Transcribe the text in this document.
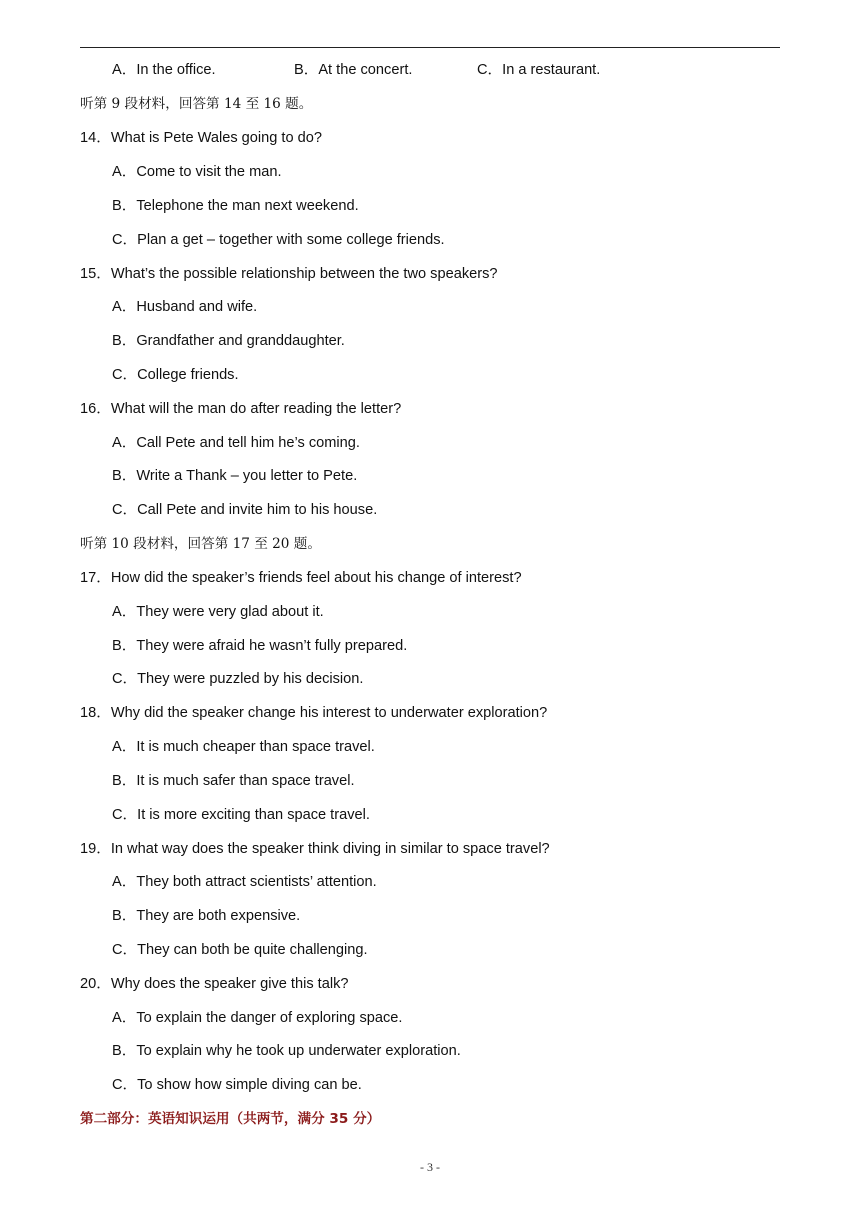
A．In the office.	B．At the concert.	C．In a restaurant.
听第 9 段材料，回答第 14 至 16 题。
14．What is Pete Wales going to do?
A．Come to visit the man.
B．Telephone the man next weekend.
C．Plan a get – together with some college friends.
15．What’s the possible relationship between the two speakers?
A．Husband and wife.
B．Grandfather and granddaughter.
C．College friends.
16．What will the man do after reading the letter?
A．Call Pete and tell him he’s coming.
B．Write a Thank – you letter to Pete.
C．Call Pete and invite him to his house.
听第 10 段材料，回答第 17 至 20 题。
17．How did the speaker’s friends feel about his change of interest?
A．They were very glad about it.
B．They were afraid he wasn’t fully prepared.
C．They were puzzled by his decision.
18．Why did the speaker change his interest to underwater exploration?
A．It is much cheaper than space travel.
B．It is much safer than space travel.
C．It is more exciting than space travel.
19．In what way does the speaker think diving in similar to space travel?
A．They both attract scientists’ attention.
B．They are both expensive.
C．They can both be quite challenging.
20．Why does the speaker give this talk?
A．To explain the danger of exploring space.
B．To explain why he took up underwater exploration.
C．To show how simple diving can be.
第二部分：英语知识运用（共两节，满分 35 分）
- 3 -
